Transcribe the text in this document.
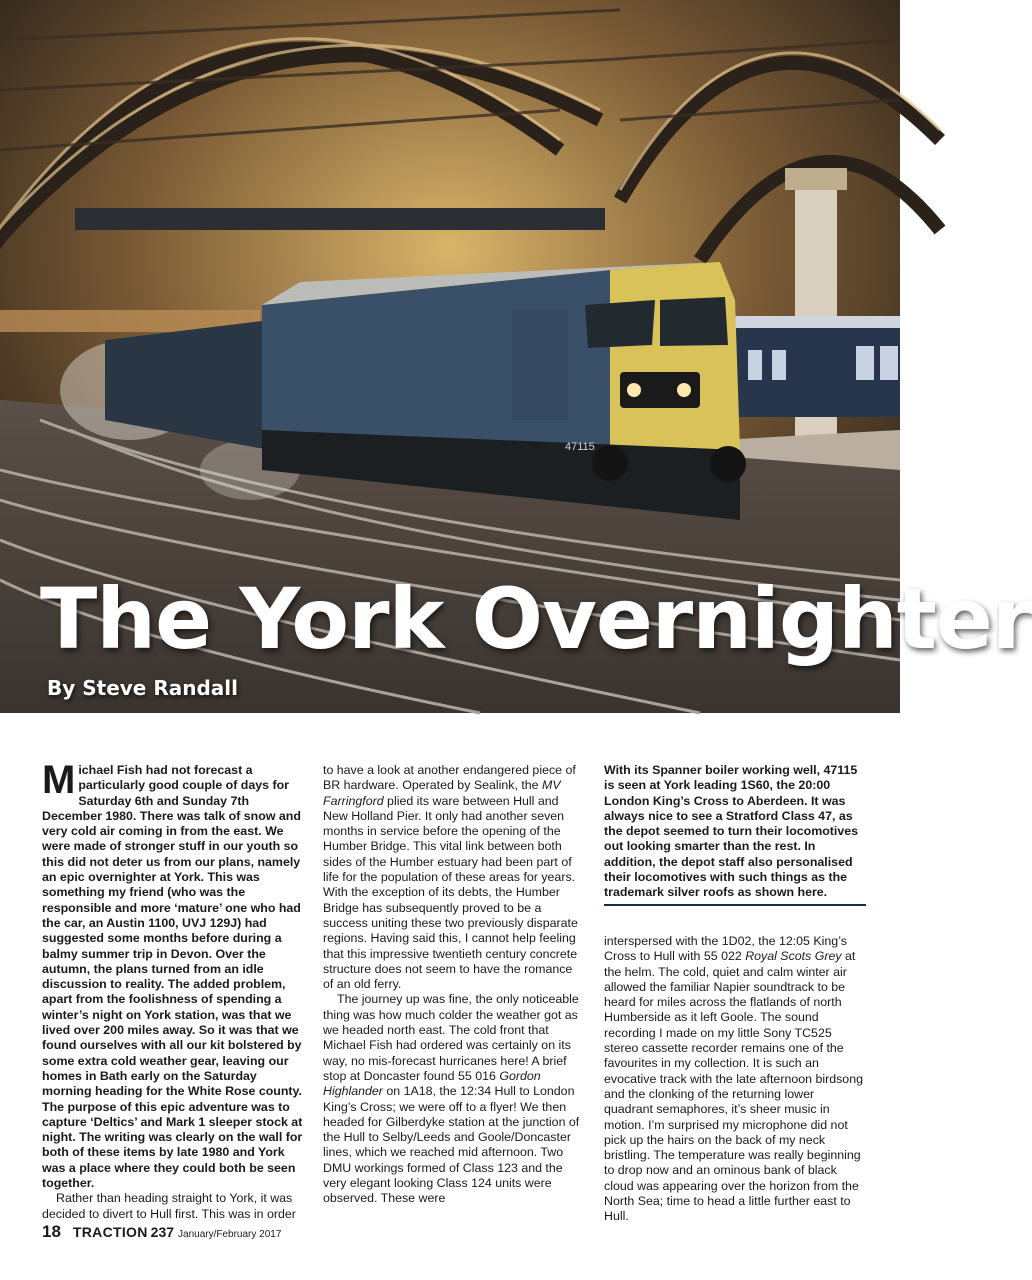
47115
The York Overnighter
By Steve Randall

Michael Fish had not forecast a particularly good couple of days for Saturday 6th and Sunday 7th December 1980. There was talk of snow and very cold air coming in from the east. We were made of stronger stuff in our youth so this did not deter us from our plans, namely an epic overnighter at York. This was something my friend (who was the responsible and more ‘mature’ one who had the car, an Austin 1100, UVJ 129J) had suggested some months before during a balmy summer trip in Devon. Over the autumn, the plans turned from an idle discussion to reality. The added problem, apart from the foolishness of spending a winter’s night on York station, was that we lived over 200 miles away. So it was that we found ourselves with all our kit bolstered by some extra cold weather gear, leaving our homes in Bath early on the Saturday morning heading for the White Rose county. The purpose of this epic adventure was to capture ‘Deltics’ and Mark 1 sleeper stock at night. The writing was clearly on the wall for both of these items by late 1980 and York was a place where they could both be seen together.

Rather than heading straight to York, it was decided to divert to Hull first. This was in order

to have a look at another endangered piece of BR hardware. Operated by Sealink, the MV Farringford plied its ware between Hull and New Holland Pier. It only had another seven months in service before the opening of the Humber Bridge. This vital link between both sides of the Humber estuary had been part of life for the population of these areas for years. With the exception of its debts, the Humber Bridge has subsequently proved to be a success uniting these two previously disparate regions. Having said this, I cannot help feeling that this impressive twentieth century concrete structure does not seem to have the romance of an old ferry.

The journey up was fine, the only noticeable thing was how much colder the weather got as we headed north east. The cold front that Michael Fish had ordered was certainly on its way, no mis-forecast hurricanes here! A brief stop at Doncaster found 55 016 Gordon Highlander on 1A18, the 12:34 Hull to London King’s Cross; we were off to a flyer! We then headed for Gilberdyke station at the junction of the Hull to Selby/Leeds and Goole/Doncaster lines, which we reached mid afternoon. Two DMU workings formed of Class 123 and the very elegant looking Class 124 units were observed. These were

With its Spanner boiler working well, 47115 is seen at York leading 1S60, the 20:00 London King’s Cross to Aberdeen. It was always nice to see a Stratford Class 47, as the depot seemed to turn their locomotives out looking smarter than the rest. In addition, the depot staff also personalised their locomotives with such things as the trademark silver roofs as shown here.

interspersed with the 1D02, the 12:05 King’s Cross to Hull with 55 022 Royal Scots Grey at the helm. The cold, quiet and calm winter air allowed the familiar Napier soundtrack to be heard for miles across the flatlands of north Humberside as it left Goole. The sound recording I made on my little Sony TC525 stereo cassette recorder remains one of the favourites in my collection. It is such an evocative track with the late afternoon birdsong and the clonking of the returning lower quadrant semaphores, it’s sheer music in motion. I’m surprised my microphone did not pick up the hairs on the back of my neck bristling. The temperature was really beginning to drop now and an ominous bank of black cloud was appearing over the horizon from the North Sea; time to head a little further east to Hull.

18 TRACTION 237 January/February 2017
